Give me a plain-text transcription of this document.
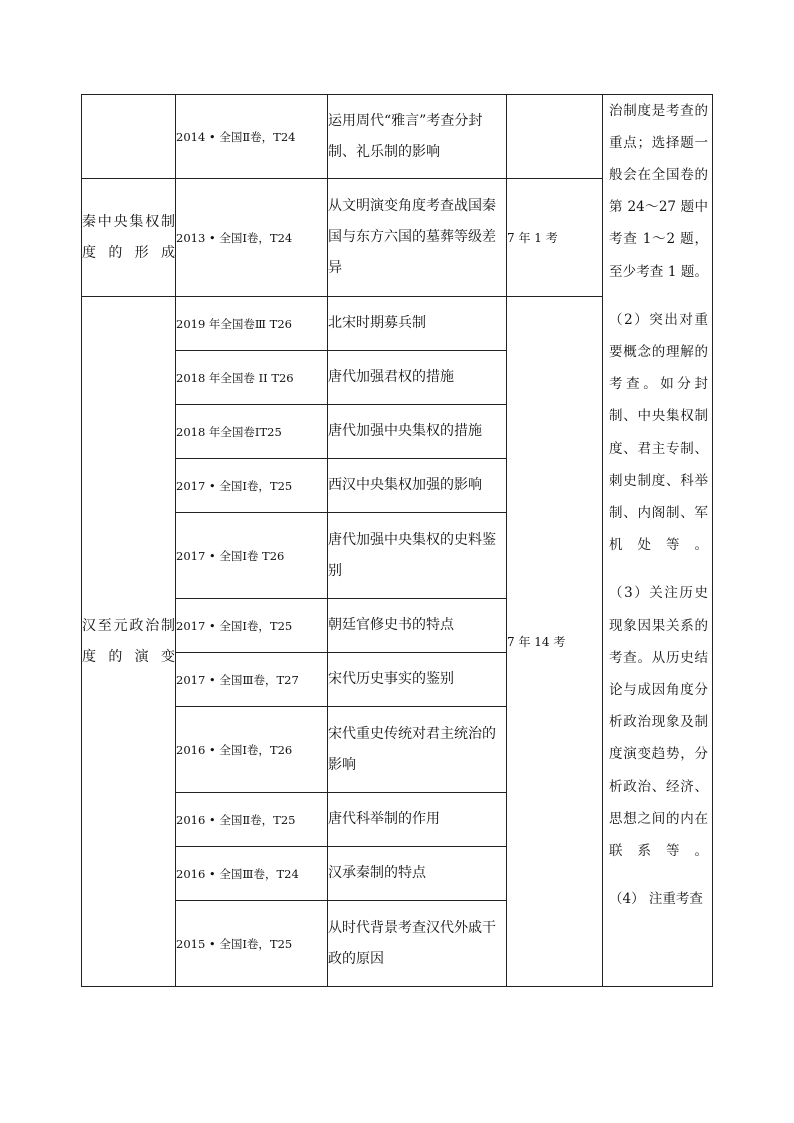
	2014 • 全国Ⅱ卷，T24	运用周代“雅言”考查分封制、礼乐制的影响		治制度是考查的重点；选择题一般会在全国卷的第 24～27 题中考查 1～2 题，至少考查 1 题。

（2）突出对重要概念的理解的考查。如分封制、中央集权制度、君主专制、刺史制度、科举制、内阁制、军机处等。

（3）关注历史现象因果关系的考查。从历史结论与成因角度分析政治现象及制度演变趋势，分析政治、经济、思想之间的内在联系等。

（4） 注重考查

秦中央集权制度的形成	2013 • 全国Ⅰ卷，T24	从文明演变角度考查战国秦国与东方六国的墓葬等级差异	7 年 1 考	
汉至元政治制度的演变	2019 年全国卷Ⅲ T26	北宋时期募兵制	7 年 14 考	
	2018 年全国卷 II T26	唐代加强君权的措施		
	2018 年全国卷ⅠT25	唐代加强中央集权的措施		
	2017 • 全国Ⅰ卷，T25	西汉中央集权加强的影响		
	2017 • 全国Ⅰ卷 T26	唐代加强中央集权的史料鉴别		
	2017 • 全国Ⅰ卷，T25	朝廷官修史书的特点		
	2017 • 全国Ⅲ卷，T27	宋代历史事实的鉴别		
	2016 • 全国Ⅰ卷，T26	宋代重史传统对君主统治的影响		
	2016 • 全国Ⅱ卷，T25	唐代科举制的作用		
	2016 • 全国Ⅲ卷，T24	汉承秦制的特点		
	2015 • 全国Ⅰ卷，T25	从时代背景考查汉代外戚干政的原因		
